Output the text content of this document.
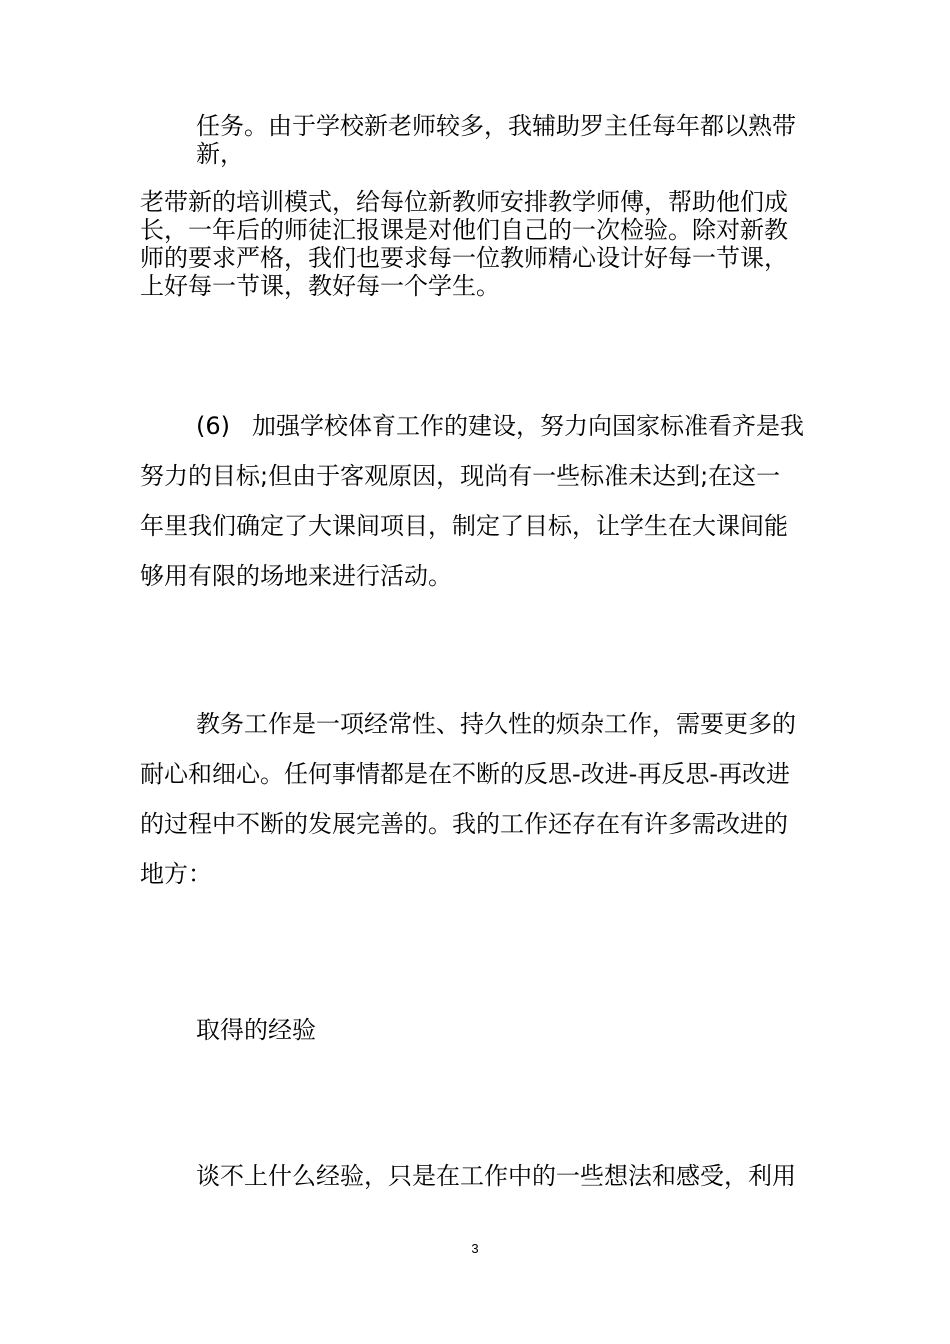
任务。由于学校新老师较多，我辅助罗主任每年都以熟带
新，
老带新的培训模式，给每位新教师安排教学师傅，帮助他们成
长，一年后的师徒汇报课是对他们自己的一次检验。除对新教
师的要求严格，我们也要求每一位教师精心设计好每一节课，
上好每一节课，教好每一个学生。
(6) 加强学校体育工作的建设，努力向国家标准看齐是我
努力的目标;但由于客观原因，现尚有一些标准未达到;在这一
年里我们确定了大课间项目，制定了目标，让学生在大课间能
够用有限的场地来进行活动。
教务工作是一项经常性、持久性的烦杂工作，需要更多的
耐心和细心。任何事情都是在不断的反思-改进-再反思-再改进
的过程中不断的发展完善的。我的工作还存在有许多需改进的
地方：
取得的经验
谈不上什么经验，只是在工作中的一些想法和感受，利用
3
